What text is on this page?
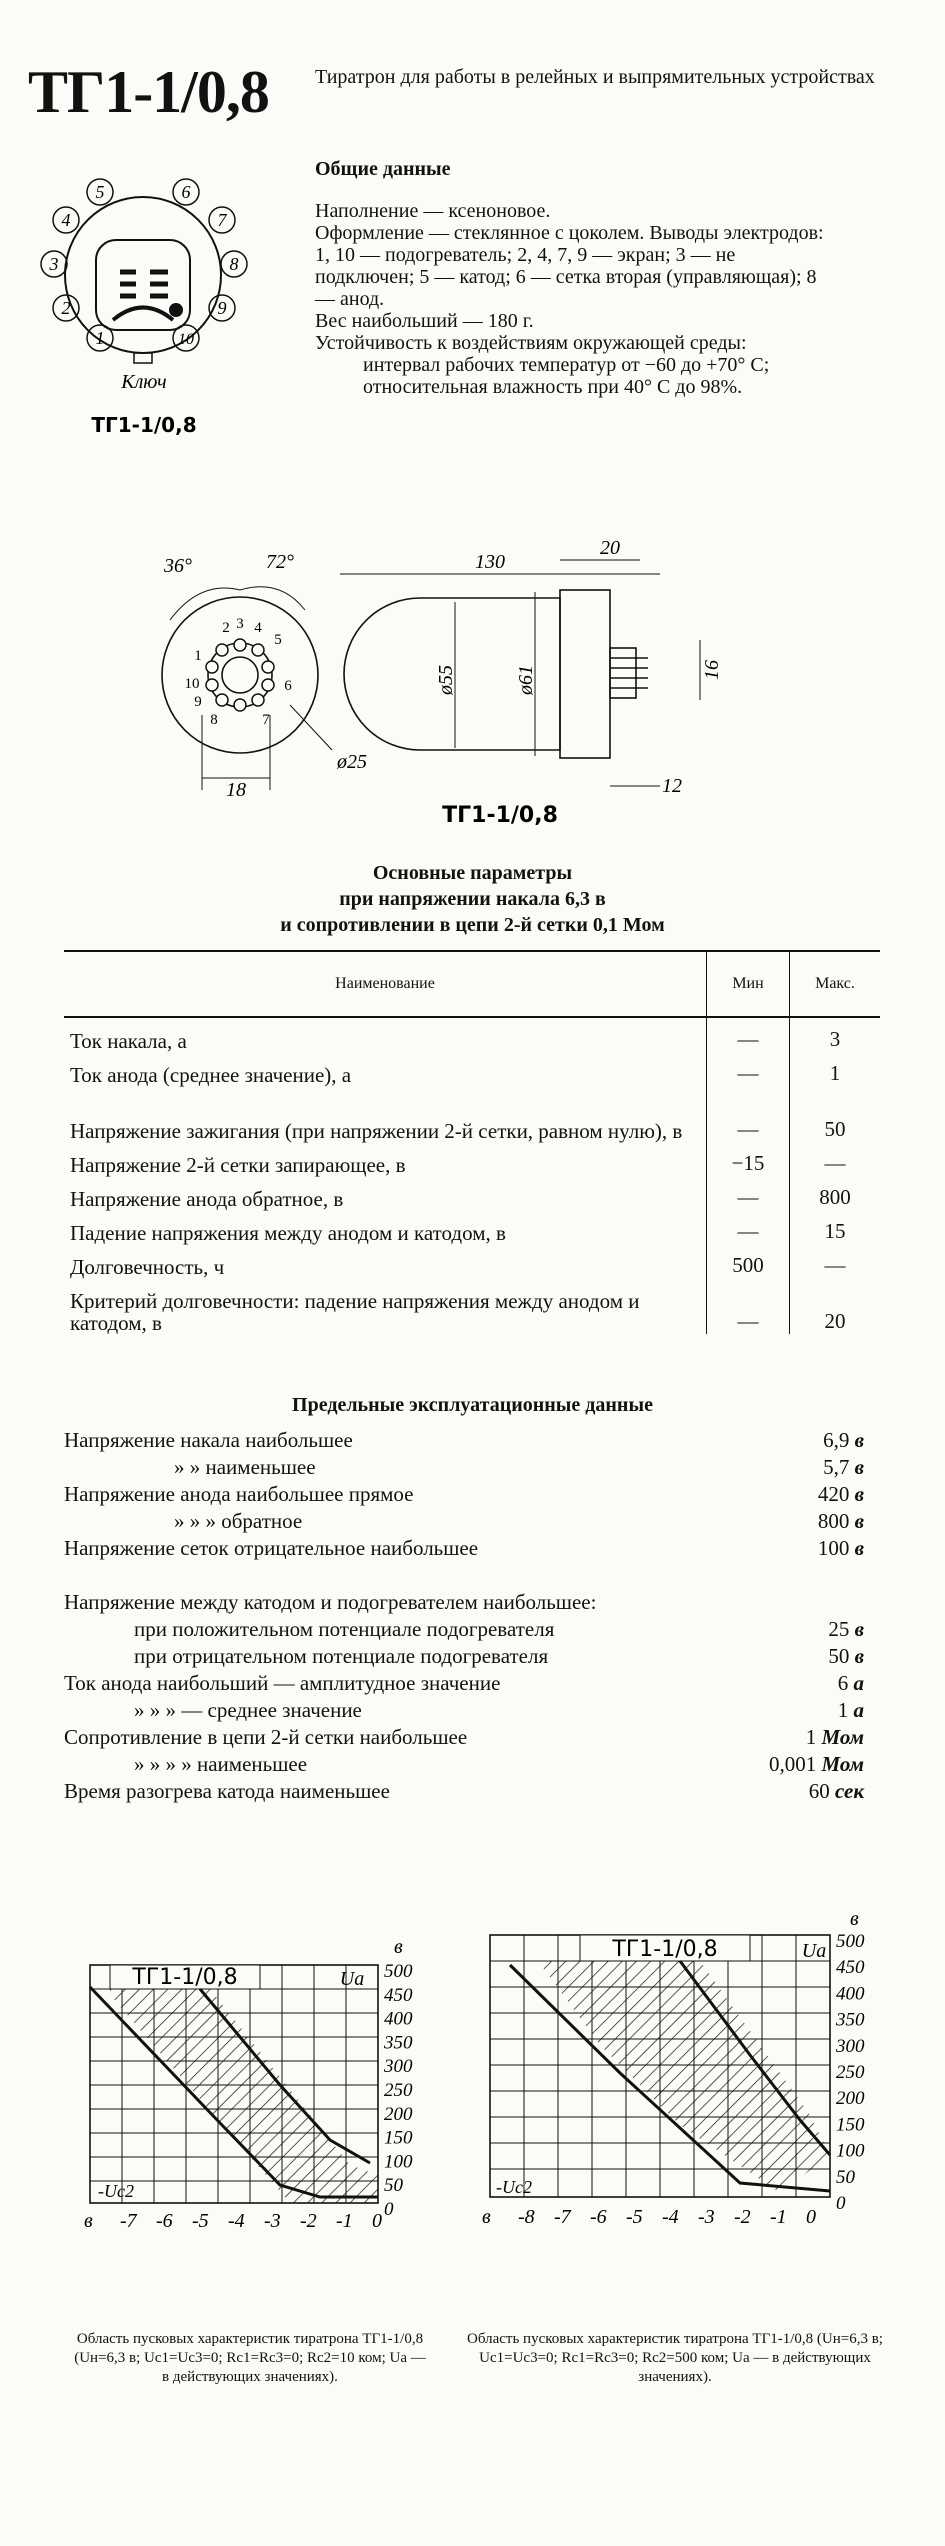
ТГ1-1/0,8 Тиратрон для работы в релейных и выпрямительных устройствах
5	6
4	7
3	8
2	9
1	10
Ключ
ТГ1-1/0,8
Общие данные

Наполнение — ксеноновое.

Оформление — стеклянное с цоколем. Выводы электродов: 1, 10 — подогреватель; 2, 4, 7, 9 — экран; 3 — не подключен; 5 — катод; 6 — сетка вторая (управляющая); 8 — анод.

Вес наибольший — 180 г.

Устойчивость к воздействиям окружающей среды:

интервал рабочих температур от −60 до +70° С;

относительная влажность при 40° С до 98%.

36°	72°	130
20
ø55	ø61	16
12
18
ø25
2 3 4
5
1
10
9
8	7
6
ТГ1-1/0,8
Основные параметры
при напряжении накала 6,3 в
и сопротивлении в цепи 2-й сетки 0,1 Мом
Наименование	Мин	Макс.
Ток накала, а	—	3
Ток анода (среднее значение), а	—	1
Напряжение зажигания (при напряжении 2-й сетки, равном нулю), в	—	50
Напряжение 2-й сетки запирающее, в	−15	—
Напряжение анода обратное, в	—	800
Падение напряжения между анодом и катодом, в	—	15
Долговечность, ч	500	—
Критерий долговечности: падение напряжения между анодом и катодом, в	—	20
Предельные эксплуатационные данные
Напряжение накала наибольшее	6,9 в
» » наименьшее	5,7 в
Напряжение анода наибольшее прямое	420 в
» » » обратное	800 в
Напряжение сеток отрицательное наибольшее	100 в
Напряжение между катодом и подогревателем наибольшее:
при положительном потенциале подогревателя	25 в
при отрицательном потенциале подогревателя	50 в
Ток анода наибольший — амплитудное значение	6 а
» » » — среднее значение	1 а
Сопротивление в цепи 2-й сетки наибольшее	1 Мом
» » » » наименьшее	0,001 Мом
Время разогрева катода наименьшее	60 сек
ТГ1-1/0,8	Ua
в
-Uc2
500
450
400
350
300
250
200
150
100
50
0
в -7 -6 -5 -4 -3 -2 -1 0
ТГ1-1/0,8	Ua
в
-Uc2
500
450
400
350
300
250
200
150
100
50
0
в -8 -7 -6 -5 -4 -3 -2 -1 0
Область пусковых характеристик тиратрона ТГ1-1/0,8 (Uн=6,3 в; Uc1=Uc3=0; Rc1=Rc3=0; Rc2=10 ком; Ua — в действующих значениях).
Область пусковых характеристик тиратрона ТГ1-1/0,8 (Uн=6,3 в; Uc1=Uc3=0; Rc1=Rc3=0; Rc2=500 ком; Ua — в действующих значениях).
